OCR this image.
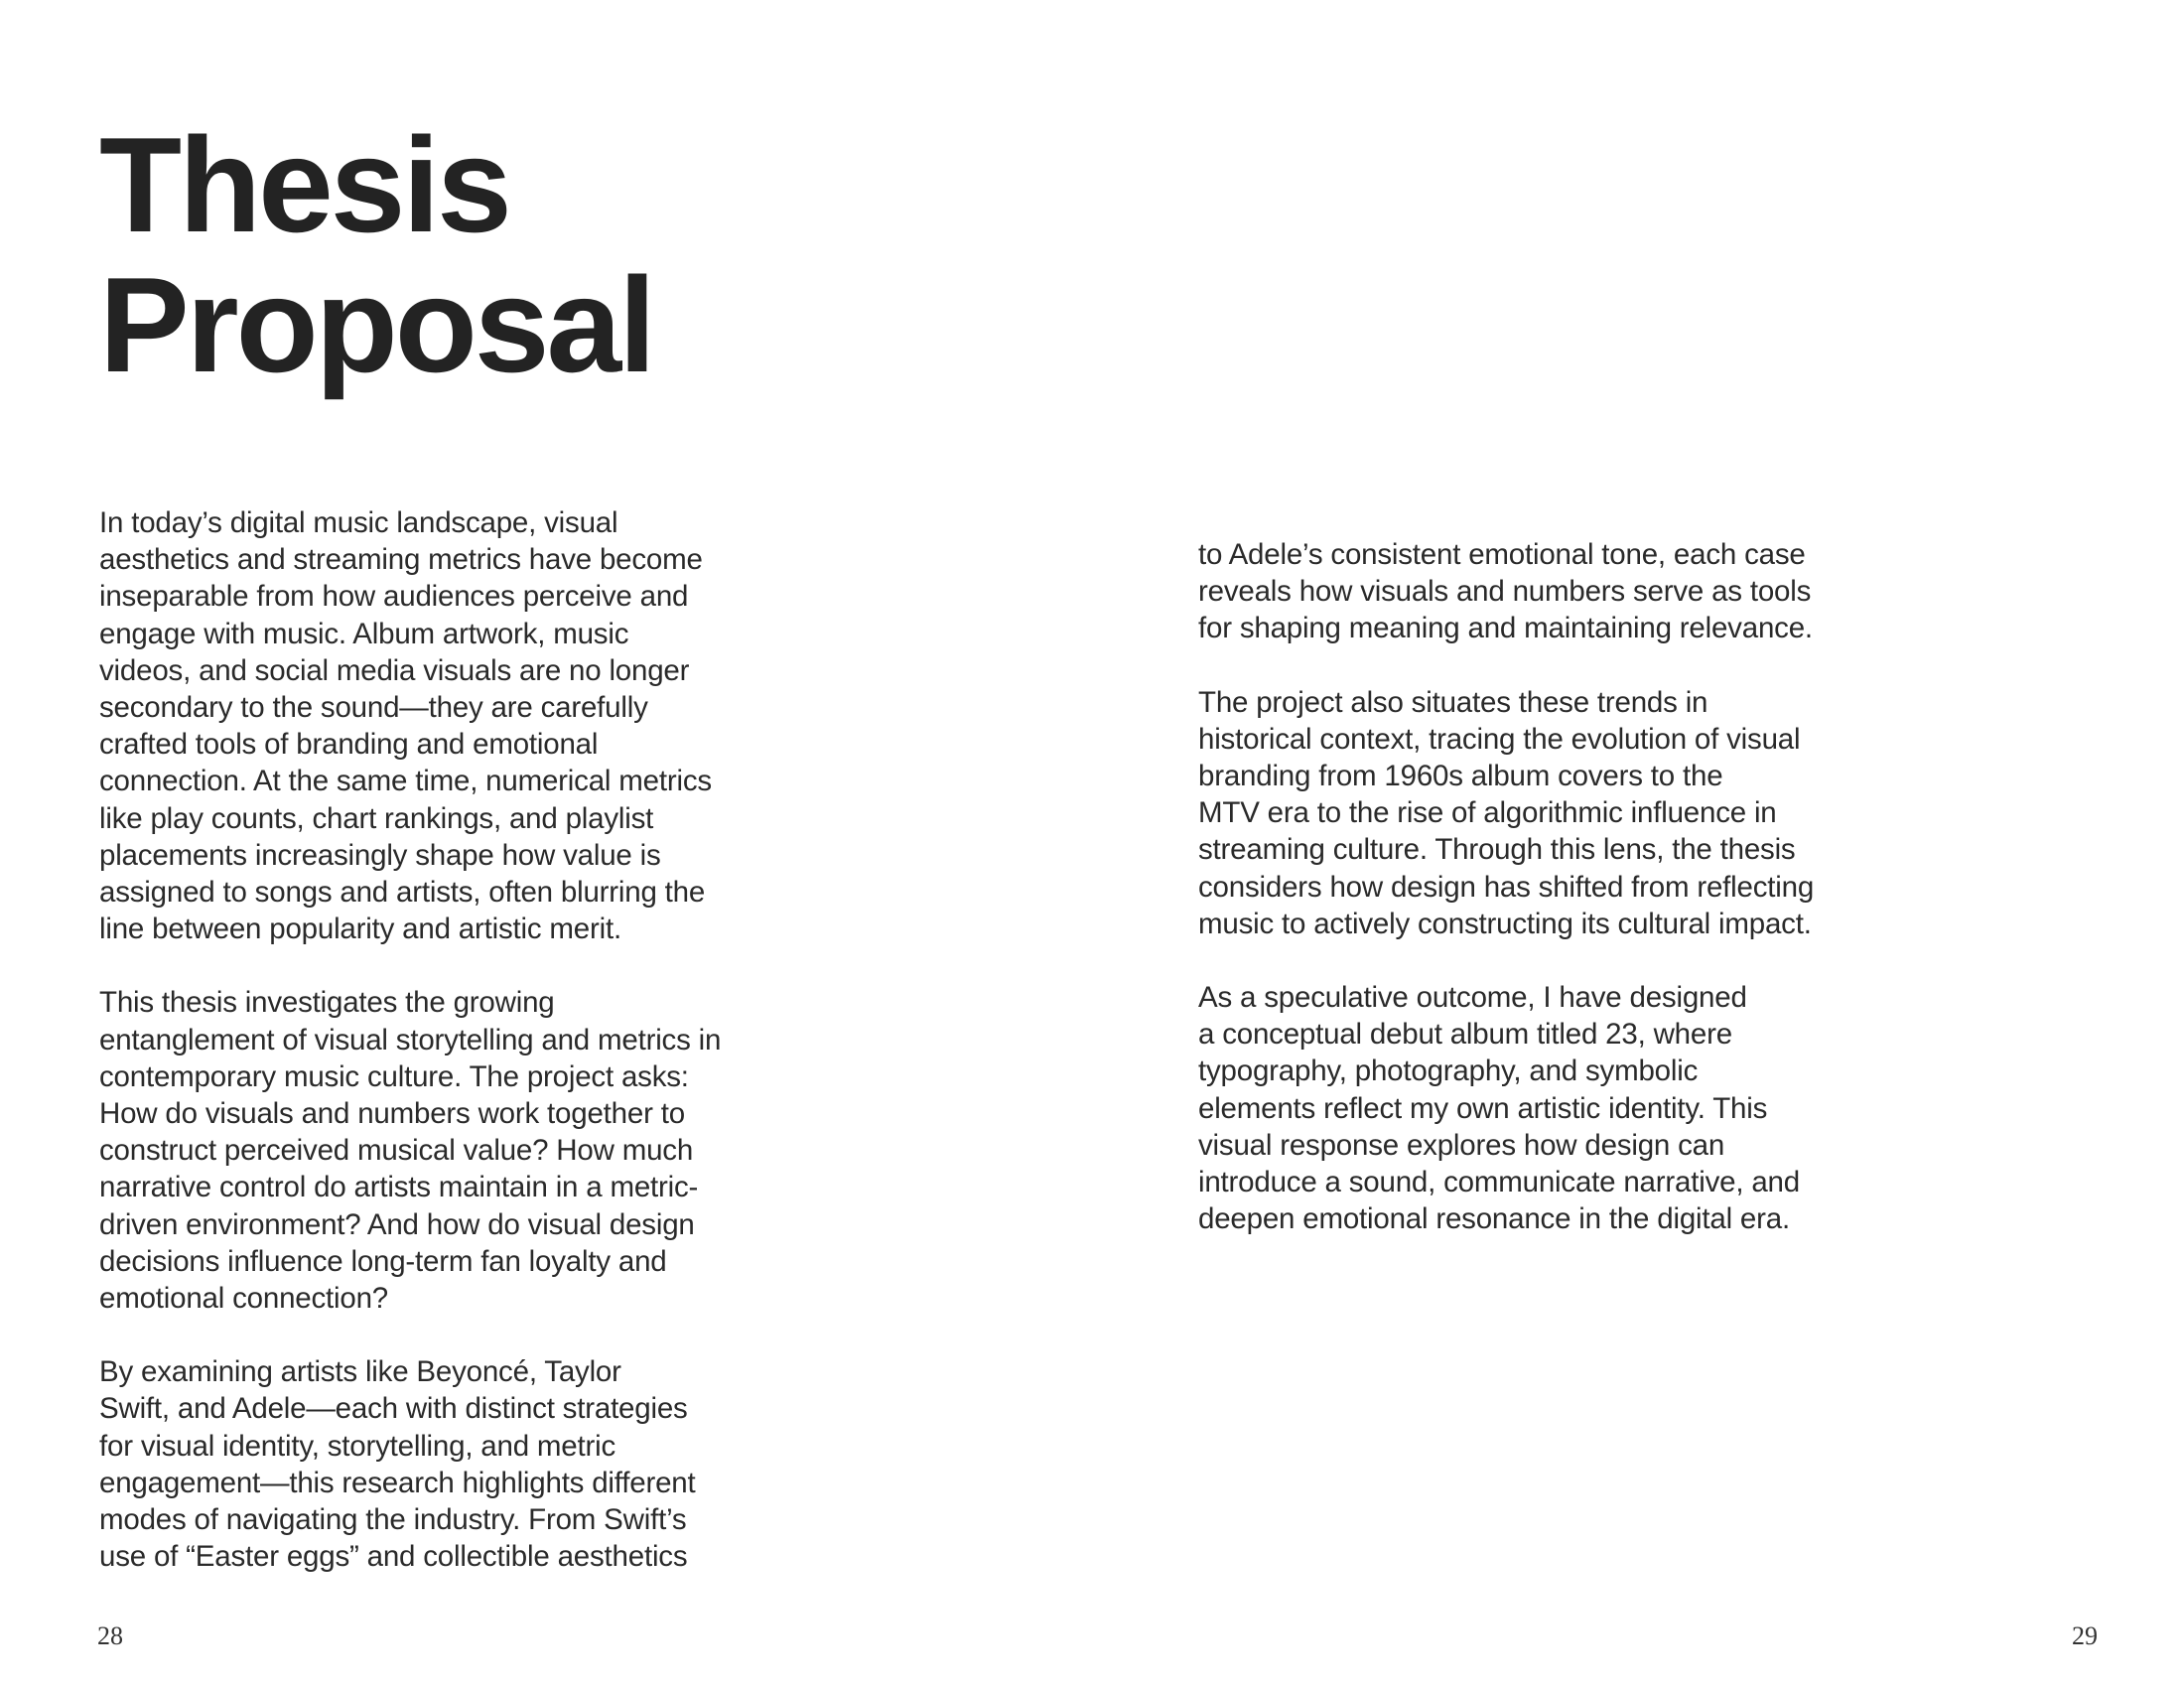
Thesis
Proposal

In today’s digital music landscape, visual
aesthetics and streaming metrics have become
inseparable from how audiences perceive and
engage with music. Album artwork, music
videos, and social media visuals are no longer
secondary to the sound—they are carefully
crafted tools of branding and emotional
connection. At the same time, numerical metrics
like play counts, chart rankings, and playlist
placements increasingly shape how value is
assigned to songs and artists, often blurring the
line between popularity and artistic merit.

This thesis investigates the growing
entanglement of visual storytelling and metrics in
contemporary music culture. The project asks:
How do visuals and numbers work together to
construct perceived musical value? How much
narrative control do artists maintain in a metric-
driven environment? And how do visual design
decisions influence long-term fan loyalty and
emotional connection?

By examining artists like Beyoncé, Taylor
Swift, and Adele—each with distinct strategies
for visual identity, storytelling, and metric
engagement—this research highlights different
modes of navigating the industry. From Swift’s
use of “Easter eggs” and collectible aesthetics

to Adele’s consistent emotional tone, each case
reveals how visuals and numbers serve as tools
for shaping meaning and maintaining relevance.

The project also situates these trends in
historical context, tracing the evolution of visual
branding from 1960s album covers to the
MTV era to the rise of algorithmic influence in
streaming culture. Through this lens, the thesis
considers how design has shifted from reflecting
music to actively constructing its cultural impact.

As a speculative outcome, I have designed
a conceptual debut album titled 23, where
typography, photography, and symbolic
elements reflect my own artistic identity. This
visual response explores how design can
introduce a sound, communicate narrative, and
deepen emotional resonance in the digital era.

28	29
